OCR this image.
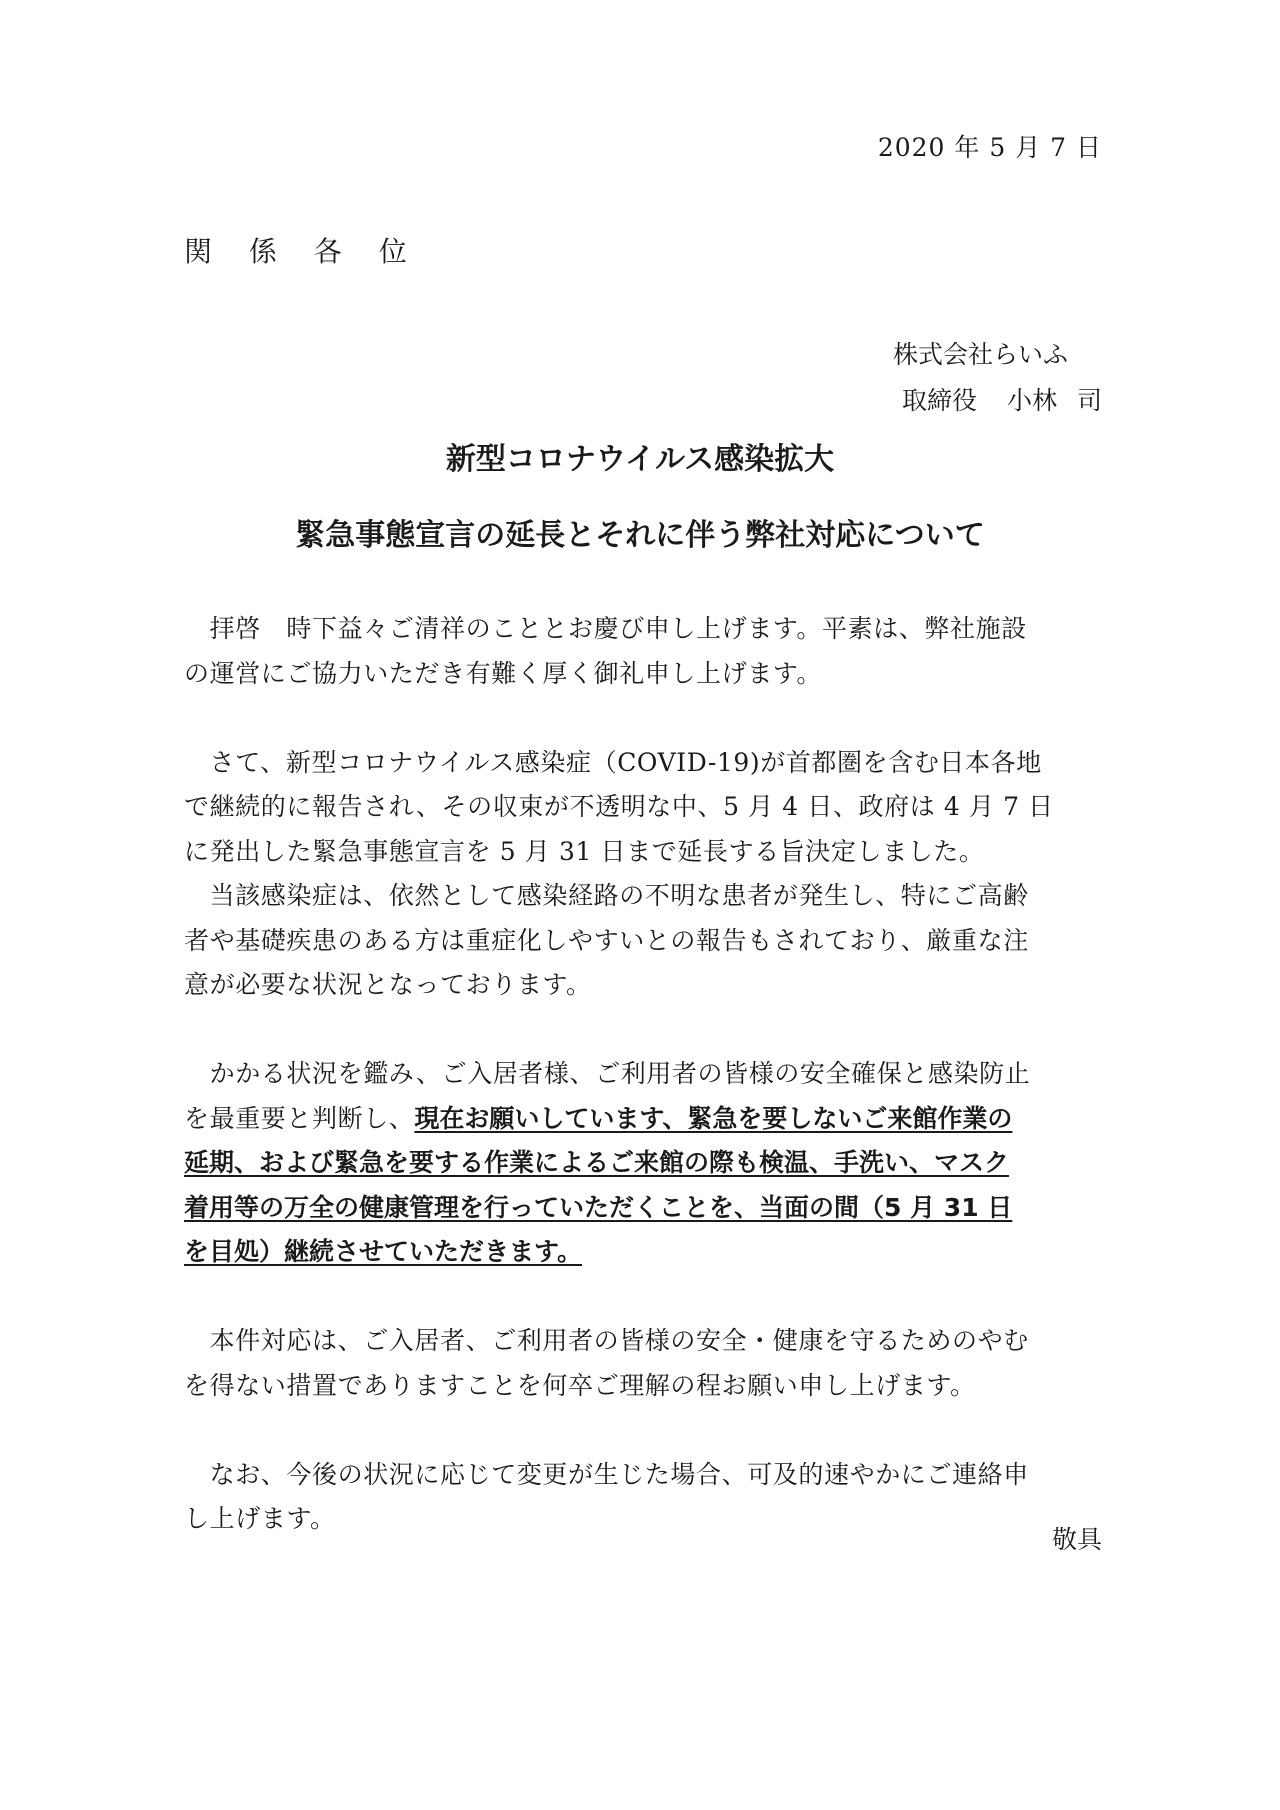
2020 年 5 月 7 日
関 係 各 位
株式会社らいふ
取締役 小林 司
新型コロナウイルス感染拡大
緊急事態宣言の延長とそれに伴う弊社対応について

　拝啓　時下益々ご清祥のこととお慶び申し上げます。平素は、弊社施設
の運営にご協力いただき有難く厚く御礼申し上げます。

　さて、新型コロナウイルス感染症（COVID-19)が首都圏を含む日本各地
で継続的に報告され、その収束が不透明な中、5 月 4 日、政府は 4 月 7 日
に発出した緊急事態宣言を 5 月 31 日まで延長する旨決定しました。

　当該感染症は、依然として感染経路の不明な患者が発生し、特にご高齢
者や基礎疾患のある方は重症化しやすいとの報告もされており、厳重な注
意が必要な状況となっております。

　かかる状況を鑑み、ご入居者様、ご利用者の皆様の安全確保と感染防止
を最重要と判断し、現在お願いしています、緊急を要しないご来館作業の
延期、および緊急を要する作業によるご来館の際も検温、手洗い、マスク
着用等の万全の健康管理を行っていただくことを、当面の間（5 月 31 日
を目処）継続させていただきます。

　本件対応は、ご入居者、ご利用者の皆様の安全・健康を守るためのやむ
を得ない措置でありますことを何卒ご理解の程お願い申し上げます。

　なお、今後の状況に応じて変更が生じた場合、可及的速やかにご連絡申
し上げます。

敬具
